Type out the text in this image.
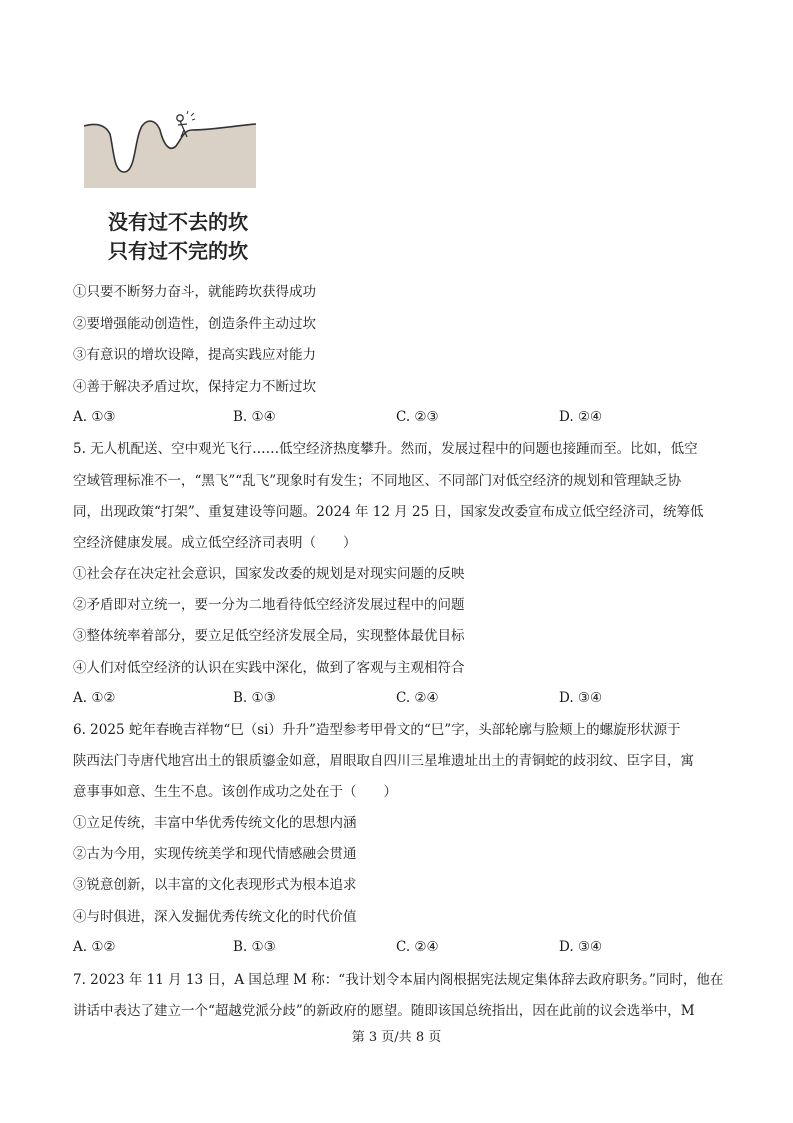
没有过不去的坎
只有过不完的坎
①只要不断努力奋斗，就能跨坎获得成功
②要增强能动创造性，创造条件主动过坎
③有意识的增坎设障，提高实践应对能力
④善于解决矛盾过坎，保持定力不断过坎
A. ①③	B. ①④	C. ②③	D. ②④
5. 无人机配送、空中观光飞行……低空经济热度攀升。然而，发展过程中的问题也接踵而至。比如，低空
空域管理标准不一，“黑飞”“乱飞”现象时有发生；不同地区、不同部门对低空经济的规划和管理缺乏协
同，出现政策“打架”、重复建设等问题。2024 年 12 月 25 日，国家发改委宣布成立低空经济司，统筹低
空经济健康发展。成立低空经济司表明（　　）
①社会存在决定社会意识，国家发改委的规划是对现实问题的反映
②矛盾即对立统一，要一分为二地看待低空经济发展过程中的问题
③整体统率着部分，要立足低空经济发展全局，实现整体最优目标
④人们对低空经济的认识在实践中深化，做到了客观与主观相符合
A. ①②	B. ①③	C. ②④	D. ③④
6. 2025 蛇年春晚吉祥物“巳（si）升升”造型参考甲骨文的“巳”字，头部轮廓与脸颊上的螺旋形状源于
陕西法门寺唐代地宫出土的银质鎏金如意，眉眼取自四川三星堆遗址出土的青铜蛇的歧羽纹、臣字目，寓
意事事如意、生生不息。该创作成功之处在于（　　）
①立足传统，丰富中华优秀传统文化的思想内涵
②古为今用，实现传统美学和现代情感融会贯通
③锐意创新，以丰富的文化表现形式为根本追求
④与时俱进，深入发掘优秀传统文化的时代价值
A. ①②	B. ①③	C. ②④	D. ③④
7. 2023 年 11 月 13 日，A 国总理 M 称：“我计划令本届内阁根据宪法规定集体辞去政府职务。”同时，他在
讲话中表达了建立一个“超越党派分歧”的新政府的愿望。随即该国总统指出，因在此前的议会选举中，M
第 3 页/共 8 页
